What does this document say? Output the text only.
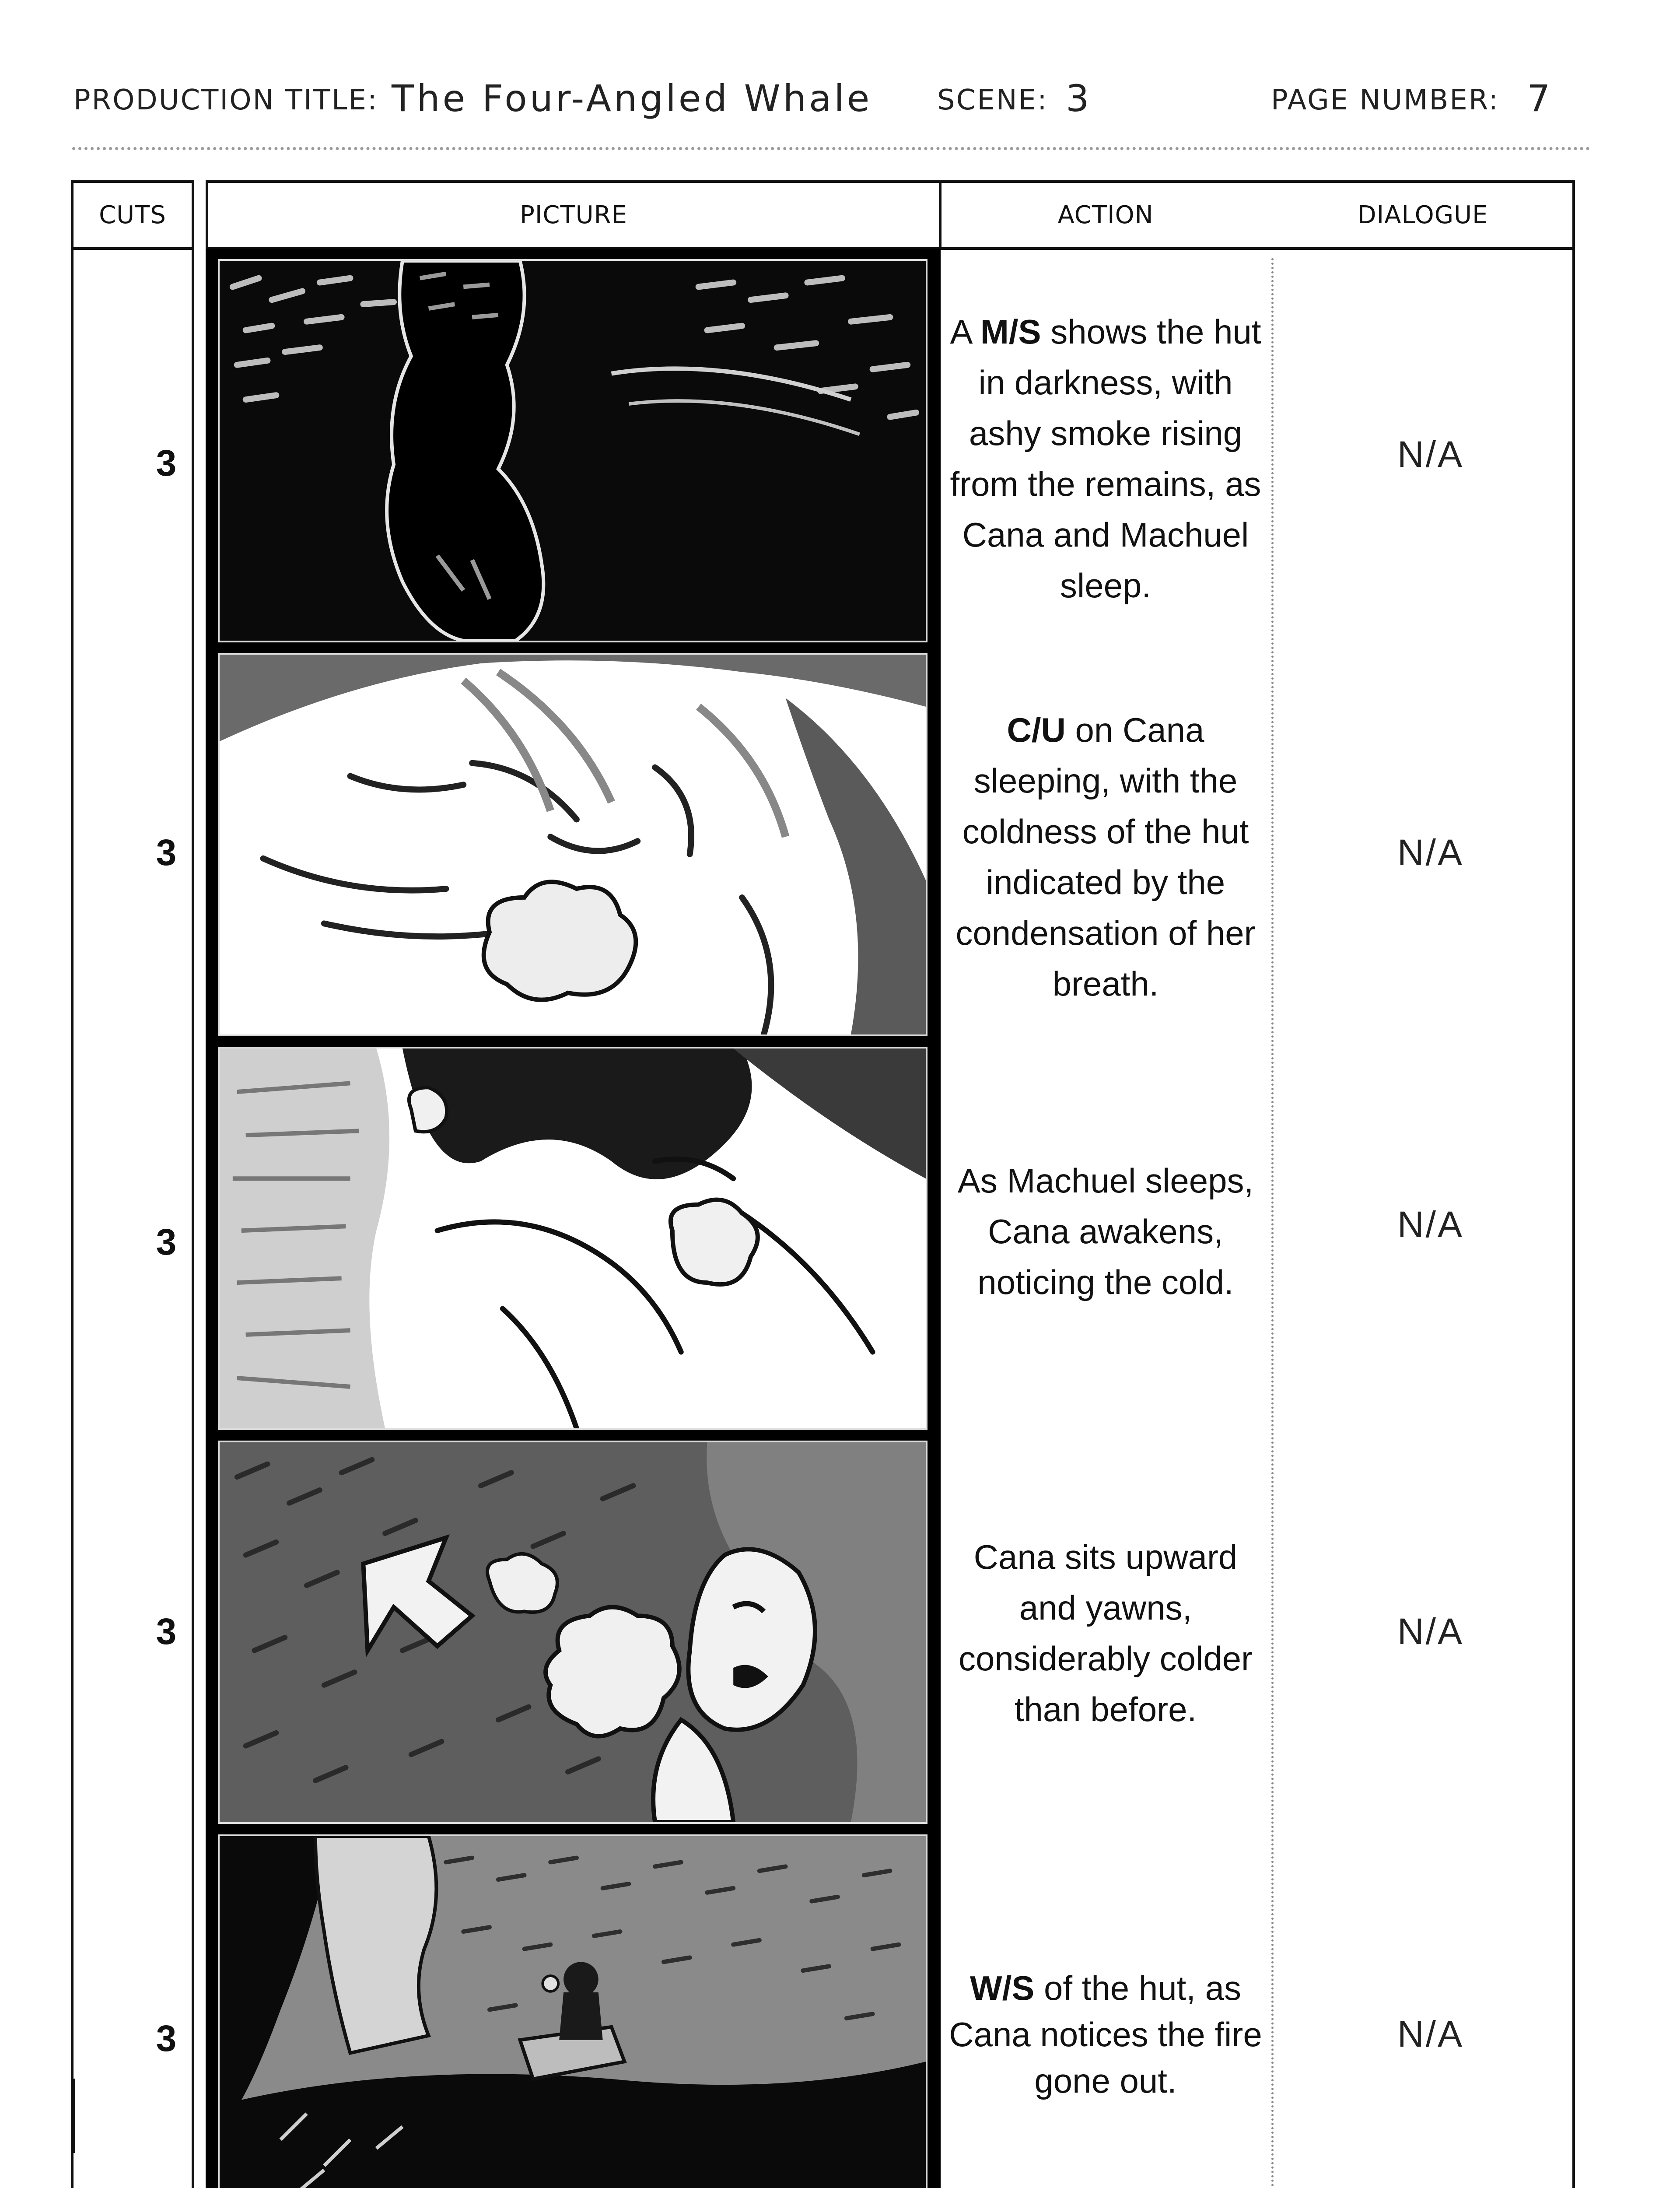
PRODUCTION TITLE: The Four-Angled Whale SCENE: 3	PAGE NUMBER: 7
CUTS	PICTURE	ACTION	DIALOGUE
3
A M/S shows the hut in darkness, with ashy smoke rising from the remains, as Cana and Machuel sleep.
N/A
3
C/U on Cana sleeping, with the coldness of the hut indicated by the condensation of her breath.
N/A
3
As Machuel sleeps, Cana awakens, noticing the cold.
N/A
3
Cana sits upward and yawns, considerably colder than before.
N/A
3
W/S of the hut, as Cana notices the fire gone out.
N/A
